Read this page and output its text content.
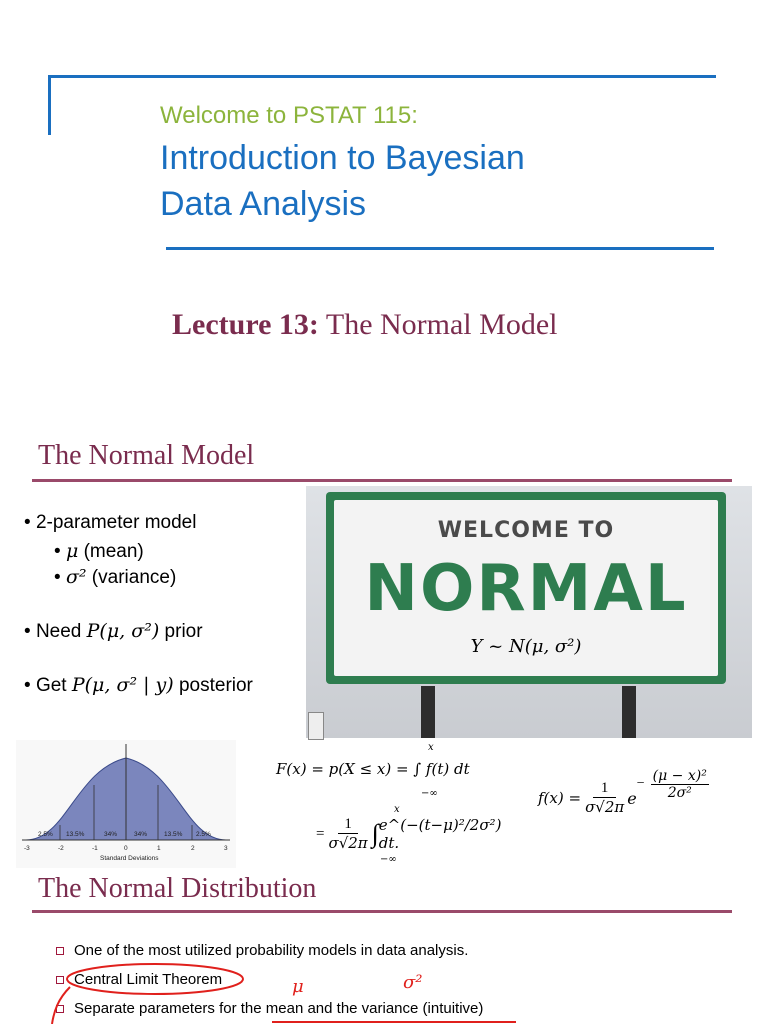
Welcome to PSTAT 115:
Introduction to Bayesian
Data Analysis
Lecture 13: The Normal Model
The Normal Model
• 2-parameter model
• μ (mean)
• σ² (variance)
• Need P(μ, σ²) prior
• Get P(μ, σ² | y) posterior
WELCOME TO
NORMAL
Y ~ N(μ, σ²)
2.5% 13.5%	34%	34%	13.5% 2.5%
-3	-2	-1	0	1	2	3
Standard Deviations
x
F(x) = p(X ≤ x) = ∫ f(t) dt
−∞
x
= $\frac{1}{\sigma√2\pi}$ ∫ e^(−(t−μ)²/2σ²) dt.
−∞
$f(x) = \frac{1}{\sigma√2\pi}$ e
− $\frac{\text{(μ − x)²}}{\text{2σ²}}$
The Normal Distribution
One of the most utilized probability models in data analysis.
Central Limit Theorem
Separate parameters for the mean and the variance (intuitive)
μ	σ²
